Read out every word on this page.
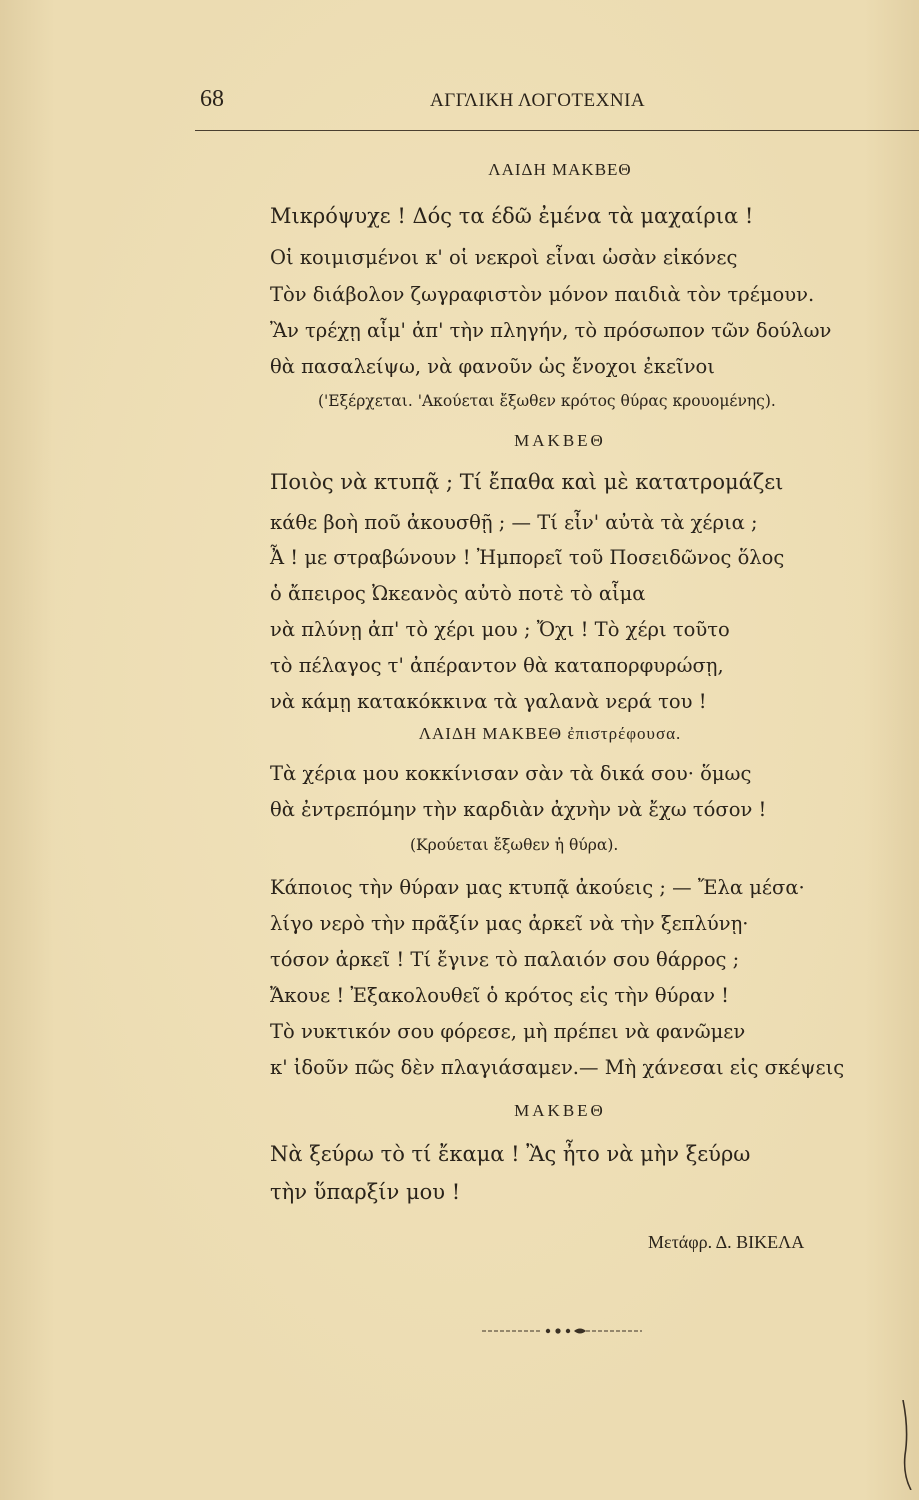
68	ΑΓΓΛΙΚΗ ΛΟΓΟΤΕΧΝΙΑ
ΛΑΙΔΗ ΜΑΚΒΕΘ
Μικρόψυχε ! Δός τα έδῶ ἐμένα τὰ μαχαίρια !
Οἱ κοιμισμένοι κ' οἱ νεκροὶ εἶναι ὡσὰν εἰκόνες
Τὸν διάβολον ζωγραφιστὸν μόνον παιδιὰ τὸν τρέμουν.
Ἂν τρέχῃ αἷμ' ἀπ' τὴν πληγήν, τὸ πρόσωπον τῶν δούλων
θὰ πασαλείψω, νὰ φανοῦν ὡς ἔνοχοι ἐκεῖνοι
('Εξέρχεται. 'Ακούεται ἔξωθεν κρότος θύρας κρουομένης).
ΜΑΚΒΕΘ
Ποιὸς νὰ κτυπᾷ ; Τί ἔπαθα καὶ μὲ κατατρομάζει
κάθε βοὴ ποῦ ἀκουσθῇ ; — Τί εἶν' αὐτὰ τὰ χέρια ;
Ἆ ! με στραβώνουν ! Ἠμπορεῖ τοῦ Ποσειδῶνος ὅλος
ὁ ἄπειρος Ὠκεανὸς αὐτὸ ποτὲ τὸ αἷμα
νὰ πλύνῃ ἀπ' τὸ χέρι μου ; Ὄχι ! Τὸ χέρι τοῦτο
τὸ πέλαγος τ' ἀπέραντον θὰ καταπορφυρώσῃ,
νὰ κάμῃ κατακόκκινα τὰ γαλανὰ νερά του !
ΛΑΙΔΗ ΜΑΚΒΕΘ ἐπιστρέφουσα.
Τὰ χέρια μου κοκκίνισαν σὰν τὰ δικά σου· ὅμως
θὰ ἐντρεπόμην τὴν καρδιὰν ἀχνὴν νὰ ἔχω τόσον !
(Κρούεται ἔξωθεν ἡ θύρα).
Κάποιος τὴν θύραν μας κτυπᾷ ἀκούεις ; — Ἔλα μέσα·
λίγο νερὸ τὴν πρᾶξίν μας ἀρκεῖ νὰ τὴν ξεπλύνῃ·
τόσον ἀρκεῖ ! Τί ἔγινε τὸ παλαιόν σου θάρρος ;
Ἄκουε ! Ἐξακολουθεῖ ὁ κρότος εἰς τὴν θύραν !
Τὸ νυκτικόν σου φόρεσε, μὴ πρέπει νὰ φανῶμεν
κ' ἰδοῦν πῶς δὲν πλαγιάσαμεν.— Μὴ χάνεσαι εἰς σκέψεις
ΜΑΚΒΕΘ
Νὰ ξεύρω τὸ τί ἔκαμα ! Ἂς ἦτο νὰ μὴν ξεύρω
τὴν ὕπαρξίν μου !
Μετάφρ. Δ. ΒΙΚΕΛΑ
